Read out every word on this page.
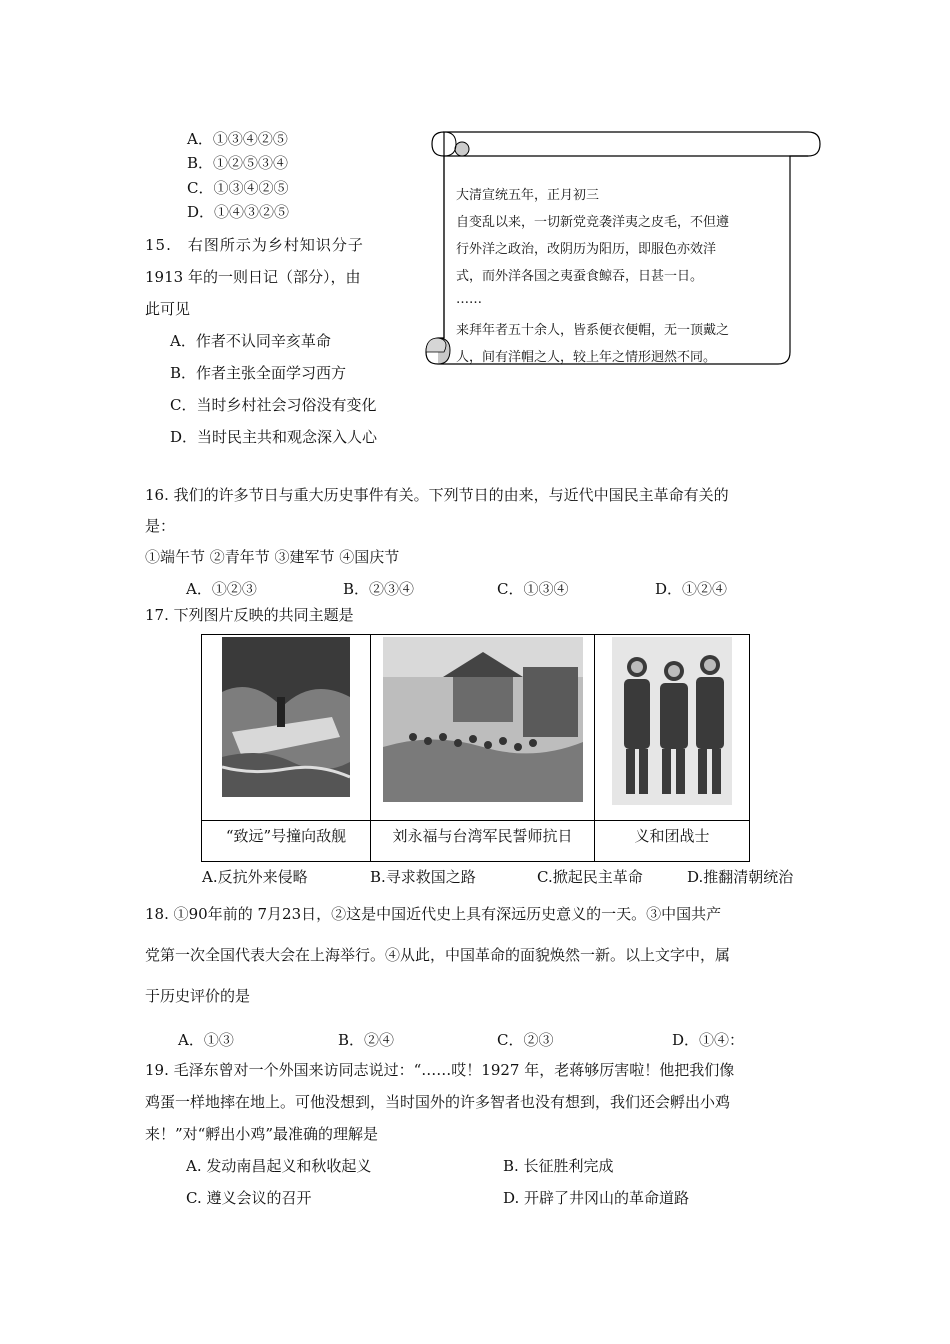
A．①③④②⑤
B．①②⑤③④
C．①③④②⑤
D．①④③②⑤
15.　右图所示为乡村知识分子
1913 年的一则日记（部分），由
此可见
A．作者不认同辛亥革命
B．作者主张全面学习西方
C．当时乡村社会习俗没有变化
D．当时民主共和观念深入人心
大清宣统五年，正月初三
自变乱以来，一切新党竞袭洋夷之皮毛，不但遵
行外洋之政治，改阴历为阳历，即服色亦效洋
式，而外洋各国之夷蚕食鲸吞，日甚一日。
……
来拜年者五十余人，皆系便衣便帽，无一顶戴之
人，间有洋帽之人，较上年之情形迥然不同。
16. 我们的许多节日与重大历史事件有关。下列节日的由来，与近代中国民主革命有关的
是：
①端午节 ②青年节 ③建军节 ④国庆节
A．①②③	B．②③④	C．①③④	D．①②④
17. 下列图片反映的共同主题是
“致远”号撞向敌舰	刘永福与台湾军民誓师抗日	义和团战士
A.反抗外来侵略	B.寻求救国之路	C.掀起民主革命	D.推翻清朝统治
18. ①90年前的 7月23日，②这是中国近代史上具有深远历史意义的一天。③中国共产
党第一次全国代表大会在上海举行。④从此，中国革命的面貌焕然一新。以上文字中，属
于历史评价的是
A．①③	B．②④	C．②③	D．①④：
19. 毛泽东曾对一个外国来访同志说过：“……哎！1927 年，老蒋够厉害啦！他把我们像
鸡蛋一样地摔在地上。可他没想到，当时国外的许多智者也没有想到，我们还会孵出小鸡
来！”对“孵出小鸡”最准确的理解是
A. 发动南昌起义和秋收起义	B. 长征胜利完成
C. 遵义会议的召开	D. 开辟了井冈山的革命道路
